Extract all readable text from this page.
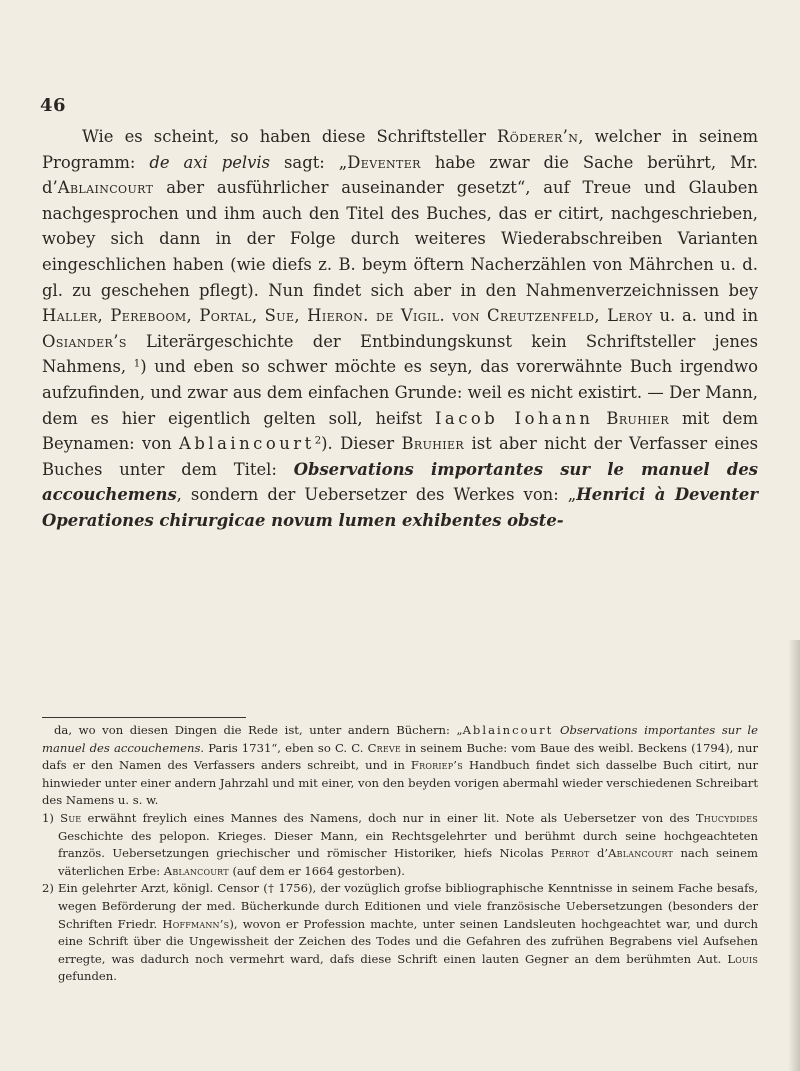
46

Wie es scheint, so haben diese Schriftsteller Röderer’n, welcher in seinem Programm: de axi pelvis sagt: „Deventer habe zwar die Sache berührt, Mr. d’Ablaincourt aber ausführlicher auseinander gesetzt“, auf Treue und Glauben nachgesprochen und ihm auch den Titel des Buches, das er citirt, nachgeschrieben, wobey sich dann in der Folge durch weiteres Wiederabschreiben Varianten eingeschlichen haben (wie diefs z. B. beym öftern Nacherzählen von Mährchen u. d. gl. zu geschehen pflegt). Nun findet sich aber in den Nahmenverzeichnissen bey Haller, Pereboom, Portal, Sue, Hieron. de Vigil. von Creutzenfeld, Leroy u. a. und in Osiander’s Literärgeschichte der Entbindungskunst kein Schriftsteller jenes Nahmens, $^1$) und eben so schwer möchte es seyn, das vorerwähnte Buch irgendwo aufzufinden, und zwar aus dem einfachen Grunde: weil es nicht existirt. — Der Mann, dem es hier eigentlich gelten soll, heifst Iacob Iohann Bruhier mit dem Beynamen: von Ablaincourt$^2$). Dieser Bruhier ist aber nicht der Verfasser eines Buches unter dem Titel: Observations importantes sur le manuel des accouchemens, sondern der Uebersetzer des Werkes von: „Henrici à Deventer Operationes chirurgicae novum lumen exhibentes obste-

da, wo von diesen Dingen die Rede ist, unter andern Büchern: „Ablaincourt Observations importantes sur le manuel des accouchemens. Paris 1731“, eben so C. C. Creve in seinem Buche: vom Baue des weibl. Beckens (1794), nur dafs er den Namen des Verfassers anders schreibt, und in Froriep’s Handbuch findet sich dasselbe Buch citirt, nur hinwieder unter einer andern Jahrzahl und mit einer, von den beyden vorigen abermahl wieder verschiedenen Schreibart des Namens u. s. w.

1) Sue erwähnt freylich eines Mannes des Namens, doch nur in einer lit. Note als Uebersetzer von des Thucydides Geschichte des pelopon. Krieges. Dieser Mann, ein Rechtsgelehrter und berühmt durch seine hochgeachteten französ. Uebersetzungen griechischer und römischer Historiker, hiefs Nicolas Perrot d’Ablancourt nach seinem väterlichen Erbe: Ablancourt (auf dem er 1664 gestorben).

2) Ein gelehrter Arzt, königl. Censor († 1756), der vozüglich grofse bibliographische Kenntnisse in seinem Fache besafs, wegen Beförderung der med. Bücherkunde durch Editionen und viele französische Uebersetzungen (besonders der Schriften Friedr. Hoffmann’s), wovon er Profession machte, unter seinen Landsleuten hochgeachtet war, und durch eine Schrift über die Ungewissheit der Zeichen des Todes und die Gefahren des zufrühen Begrabens viel Aufsehen erregte, was dadurch noch vermehrt ward, dafs diese Schrift einen lauten Gegner an dem berühmten Aut. Louis gefunden.
